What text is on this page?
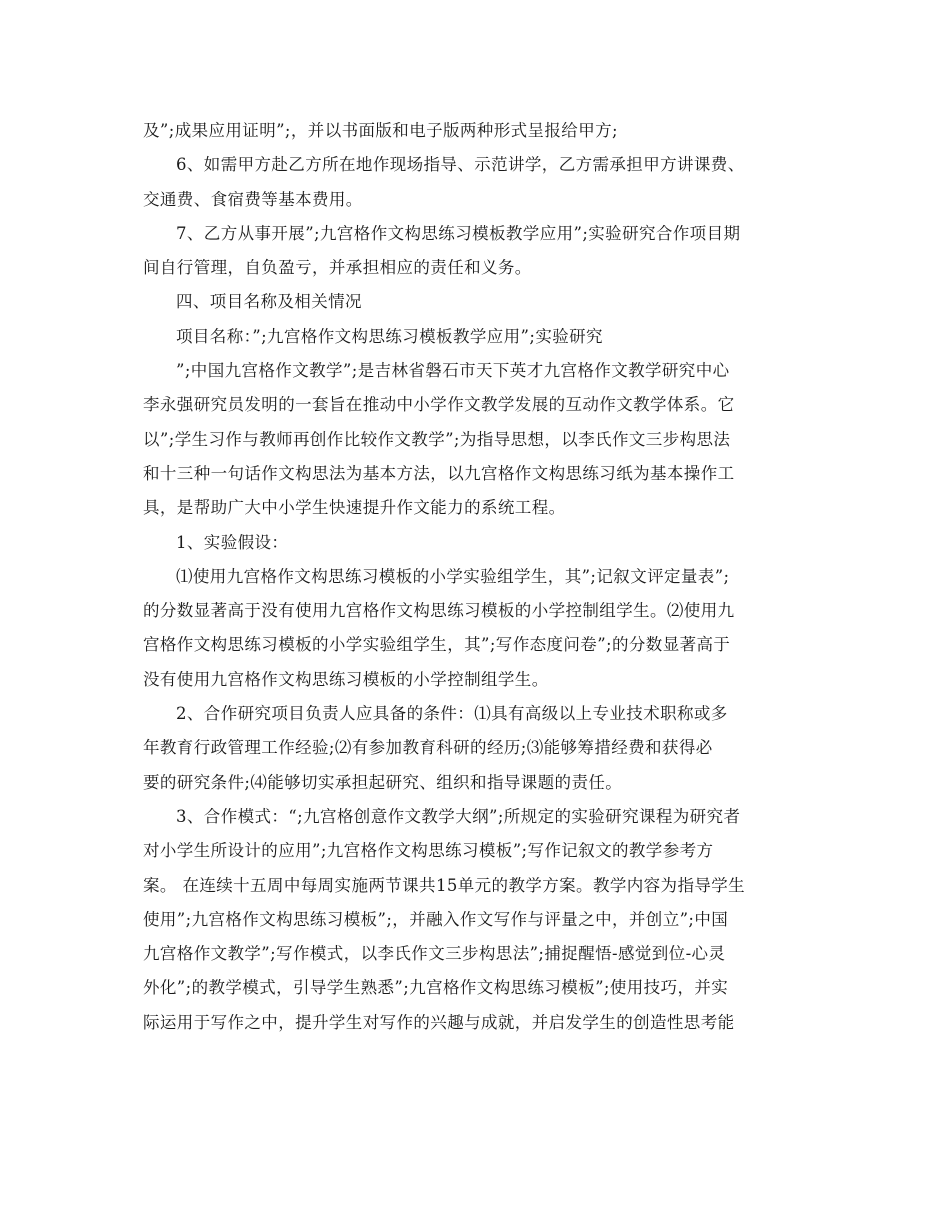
及”;成果应用证明”;，并以书面版和电子版两种形式呈报给甲方;
6、如需甲方赴乙方所在地作现场指导、示范讲学，乙方需承担甲方讲课费、
交通费、食宿费等基本费用。
7、乙方从事开展”;九宫格作文构思练习模板教学应用”;实验研究合作项目期
间自行管理，自负盈亏，并承担相应的责任和义务。
四、项目名称及相关情况
项目名称：”;九宫格作文构思练习模板教学应用”;实验研究
”;中国九宫格作文教学”;是吉林省磐石市天下英才九宫格作文教学研究中心
李永强研究员发明的一套旨在推动中小学作文教学发展的互动作文教学体系。它
以”;学生习作与教师再创作比较作文教学”;为指导思想，以李氏作文三步构思法
和十三种一句话作文构思法为基本方法，以九宫格作文构思练习纸为基本操作工
具，是帮助广大中小学生快速提升作文能力的系统工程。
1、实验假设：
⑴使用九宫格作文构思练习模板的小学实验组学生，其”;记叙文评定量表”;
的分数显著高于没有使用九宫格作文构思练习模板的小学控制组学生。⑵使用九
宫格作文构思练习模板的小学实验组学生，其”;写作态度问卷”;的分数显著高于
没有使用九宫格作文构思练习模板的小学控制组学生。
2、合作研究项目负责人应具备的条件：⑴具有高级以上专业技术职称或多
年教育行政管理工作经验;⑵有参加教育科研的经历;⑶能够筹措经费和获得必
要的研究条件;⑷能够切实承担起研究、组织和指导课题的责任。
3、合作模式：“;九宫格创意作文教学大纲”;所规定的实验研究课程为研究者
对小学生所设计的应用”;九宫格作文构思练习模板”;写作记叙文的教学参考方
案。 在连续十五周中每周实施两节课共15单元的教学方案。教学内容为指导学生
使用”;九宫格作文构思练习模板”;，并融入作文写作与评量之中，并创立”;中国
九宫格作文教学”;写作模式，以李氏作文三步构思法”;捕捉醒悟-感觉到位-心灵
外化”;的教学模式，引导学生熟悉”;九宫格作文构思练习模板”;使用技巧，并实
际运用于写作之中，提升学生对写作的兴趣与成就，并启发学生的创造性思考能
